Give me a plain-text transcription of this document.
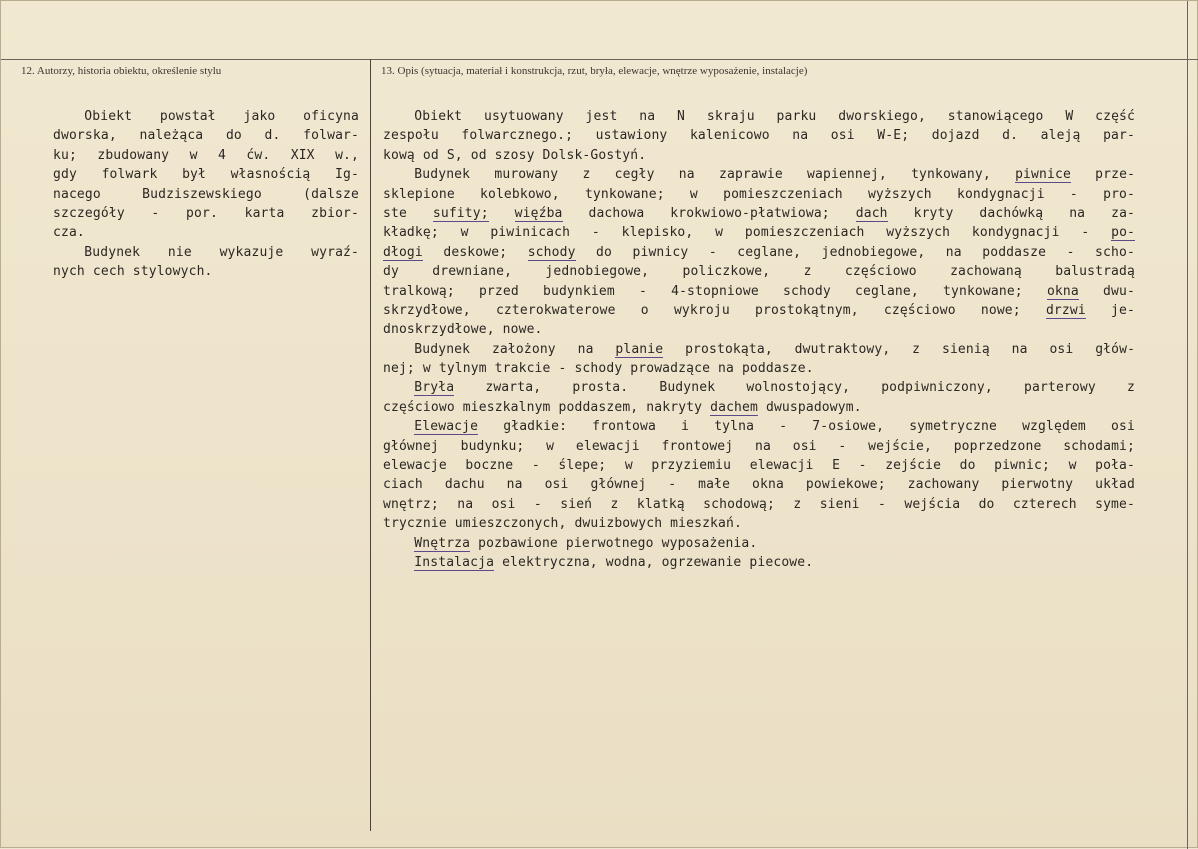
12. Autorzy, historia obiektu, określenie stylu	13. Opis (sytuacja, materiał i konstrukcja, rzut, bryła, elewacje, wnętrze wyposażenie, instalacje)
Obiekt powstał jako oficyna
dworska, należąca do d. folwar-
ku; zbudowany w 4 ćw. XIX w.,
gdy folwark był własnością Ig-
nacego Budziszewskiego (dalsze
szczegóły - por. karta zbior-
cza.
Budynek nie wykazuje wyraź-
nych cech stylowych.
Obiekt usytuowany jest na N skraju parku dworskiego, stanowiącego W część
zespołu folwarcznego.; ustawiony kalenicowo na osi W-E; dojazd d. aleją par-
kową od S, od szosy Dolsk-Gostyń.
Budynek murowany z cegły na zaprawie wapiennej, tynkowany, piwnice prze-
sklepione kolebkowo, tynkowane; w pomieszczeniach wyższych kondygnacji - pro-
ste sufity; więźba dachowa krokwiowo-płatwiowa; dach kryty dachówką na za-
kładkę; w piwinicach - klepisko, w pomieszczeniach wyższych kondygnacji - po-
dłogi deskowe; schody do piwnicy - ceglane, jednobiegowe, na poddasze - scho-
dy drewniane, jednobiegowe, policzkowe, z częściowo zachowaną balustradą
tralkową; przed budynkiem - 4-stopniowe schody ceglane, tynkowane; okna dwu-
skrzydłowe, czterokwaterowe o wykroju prostokątnym, częściowo nowe; drzwi je-
dnoskrzydłowe, nowe.
Budynek założony na planie prostokąta, dwutraktowy, z sienią na osi głów-
nej; w tylnym trakcie - schody prowadzące na poddasze.
Bryła zwarta, prosta. Budynek wolnostojący, podpiwniczony, parterowy z
częściowo mieszkalnym poddaszem, nakryty dachem dwuspadowym.
Elewacje gładkie: frontowa i tylna - 7-osiowe, symetryczne względem osi
głównej budynku; w elewacji frontowej na osi - wejście, poprzedzone schodami;
elewacje boczne - ślepe; w przyziemiu elewacji E - zejście do piwnic; w poła-
ciach dachu na osi głównej - małe okna powiekowe; zachowany pierwotny układ
wnętrz; na osi - sień z klatką schodową; z sieni - wejścia do czterech syme-
trycznie umieszczonych, dwuizbowych mieszkań.
Wnętrza pozbawione pierwotnego wyposażenia.
Instalacja elektryczna, wodna, ogrzewanie piecowe.
